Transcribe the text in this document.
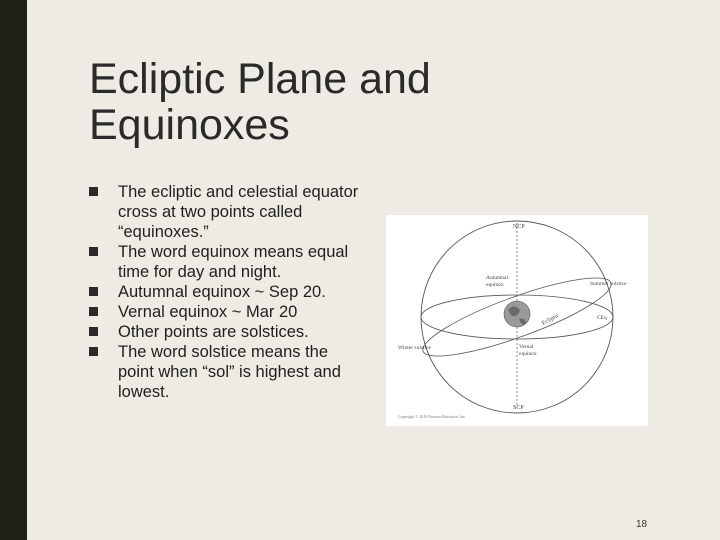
Ecliptic Plane and Equinoxes
The ecliptic and celestial equator cross at two points called “equinoxes.”
The word equinox means equal time for day and night.
Autumnal equinox ~ Sep 20.
Vernal equinox ~ Mar 20
Other points are solstices.
The word solstice means the point when “sol” is highest and lowest.
NCP
SCP
Autumnal
equinox	Summer solstice
Ecliptic	CEq
Winter solstice	Vernal
equinox
Copyright © 2010 Pearson Education, Inc.
18
